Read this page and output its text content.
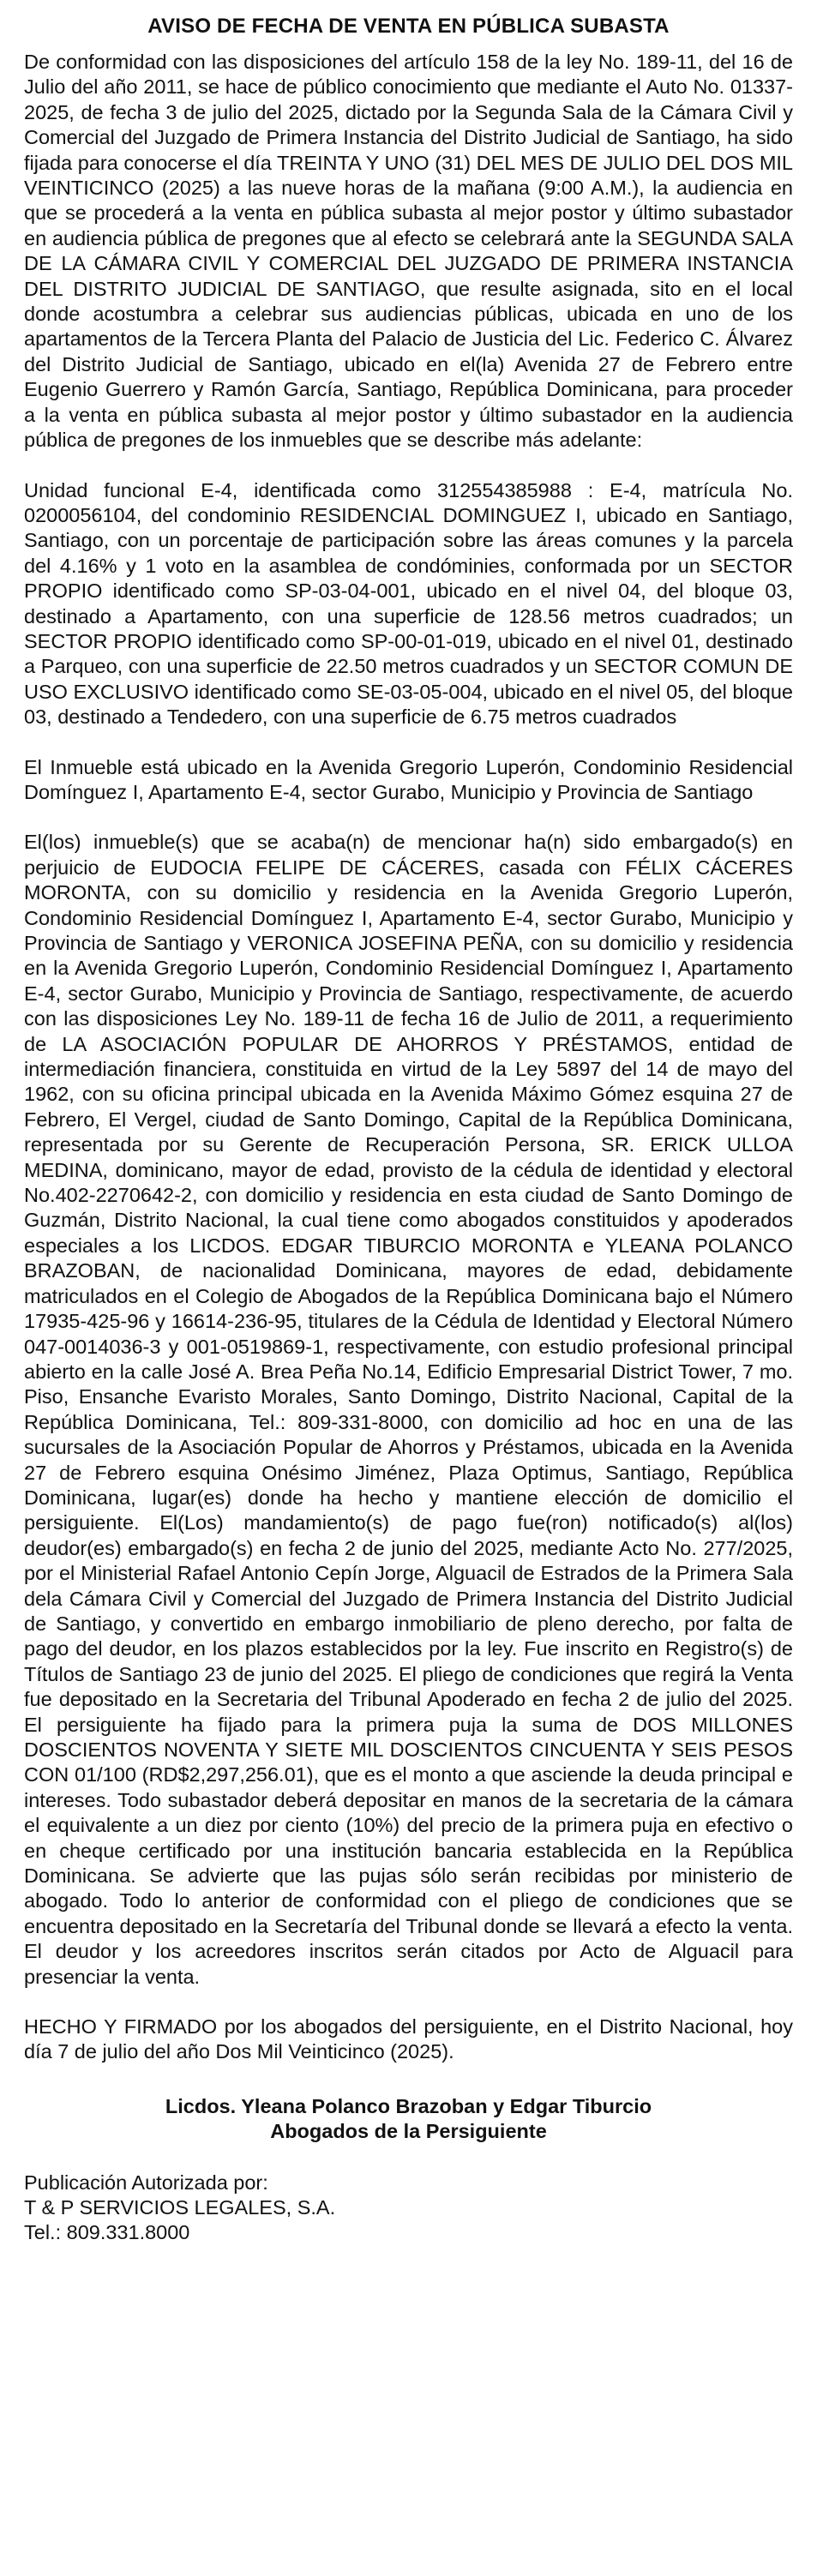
AVISO DE FECHA DE VENTA EN PÚBLICA SUBASTA

De conformidad con las disposiciones del artículo 158 de la ley No. 189-11, del 16 de Julio del año 2011, se hace de público conocimiento que mediante el Auto No. 01337-2025, de fecha 3 de julio del 2025, dictado por la Segunda Sala de la Cámara Civil y Comercial del Juzgado de Primera Instancia del Distrito Judicial de Santiago, ha sido fijada para conocerse el día TREINTA Y UNO (31) DEL MES DE JULIO DEL DOS MIL VEINTICINCO (2025) a las nueve horas de la mañana (9:00 A.M.), la audiencia en que se procederá a la venta en pública subasta al mejor postor y último subastador en audiencia pública de pregones que al efecto se celebrará ante la SEGUNDA SALA DE LA CÁMARA CIVIL Y COMERCIAL DEL JUZGADO DE PRIMERA INSTANCIA DEL DISTRITO JUDICIAL DE SANTIAGO, que resulte asignada, sito en el local donde acostumbra a celebrar sus audiencias públicas, ubicada en uno de los apartamentos de la Tercera Planta del Palacio de Justicia del Lic. Federico C. Álvarez del Distrito Judicial de Santiago, ubicado en el(la) Avenida 27 de Febrero entre Eugenio Guerrero y Ramón García, Santiago, República Dominicana, para proceder a la venta en pública subasta al mejor postor y último subastador en la audiencia pública de pregones de los inmuebles que se describe más adelante:

Unidad funcional E-4, identificada como 312554385988 : E-4, matrícula No. 0200056104, del condominio RESIDENCIAL DOMINGUEZ I, ubicado en Santiago, Santiago, con un porcentaje de participación sobre las áreas comunes y la parcela del 4.16% y 1 voto en la asamblea de condóminies, conformada por un SECTOR PROPIO identificado como SP-03-04-001, ubicado en el nivel 04, del bloque 03, destinado a Apartamento, con una superficie de 128.56 metros cuadrados; un SECTOR PROPIO identificado como SP-00-01-019, ubicado en el nivel 01, destinado a Parqueo, con una superficie de 22.50 metros cuadrados y un SECTOR COMUN DE USO EXCLUSIVO identificado como SE-03-05-004, ubicado en el nivel 05, del bloque 03, destinado a Tendedero, con una superficie de 6.75 metros cuadrados

El Inmueble está ubicado en la Avenida Gregorio Luperón, Condominio Residencial Domínguez I, Apartamento E-4, sector Gurabo, Municipio y Provincia de Santiago

El(los) inmueble(s) que se acaba(n) de mencionar ha(n) sido embargado(s) en perjuicio de EUDOCIA FELIPE DE CÁCERES, casada con FÉLIX CÁCERES MORONTA, con su domicilio y residencia en la Avenida Gregorio Luperón, Condominio Residencial Domínguez I, Apartamento E-4, sector Gurabo, Municipio y Provincia de Santiago y VERONICA JOSEFINA PEÑA, con su domicilio y residencia en la Avenida Gregorio Luperón, Condominio Residencial Domínguez I, Apartamento E-4, sector Gurabo, Municipio y Provincia de Santiago, respectivamente, de acuerdo con las disposiciones Ley No. 189-11 de fecha 16 de Julio de 2011, a requerimiento de LA ASOCIACIÓN POPULAR DE AHORROS Y PRÉSTAMOS, entidad de intermediación financiera, constituida en virtud de la Ley 5897 del 14 de mayo del 1962, con su oficina principal ubicada en la Avenida Máximo Gómez esquina 27 de Febrero, El Vergel, ciudad de Santo Domingo, Capital de la República Dominicana, representada por su Gerente de Recuperación Persona, SR. ERICK ULLOA MEDINA, dominicano, mayor de edad, provisto de la cédula de identidad y electoral No.402-2270642-2, con domicilio y residencia en esta ciudad de Santo Domingo de Guzmán, Distrito Nacional, la cual tiene como abogados constituidos y apoderados especiales a los LICDOS. EDGAR TIBURCIO MORONTA e YLEANA POLANCO BRAZOBAN, de nacionalidad Dominicana, mayores de edad, debidamente matriculados en el Colegio de Abogados de la República Dominicana bajo el Número 17935-425-96 y 16614-236-95, titulares de la Cédula de Identidad y Electoral Número 047-0014036-3 y 001-0519869-1, respectivamente, con estudio profesional principal abierto en la calle José A. Brea Peña No.14, Edificio Empresarial District Tower, 7 mo. Piso, Ensanche Evaristo Morales, Santo Domingo, Distrito Nacional, Capital de la República Dominicana, Tel.: 809-331-8000, con domicilio ad hoc en una de las sucursales de la Asociación Popular de Ahorros y Préstamos, ubicada en la Avenida 27 de Febrero esquina Onésimo Jiménez, Plaza Optimus, Santiago, República Dominicana, lugar(es) donde ha hecho y mantiene elección de domicilio el persiguiente. El(Los) mandamiento(s) de pago fue(ron) notificado(s) al(los) deudor(es) embargado(s) en fecha 2 de junio del 2025, mediante Acto No. 277/2025, por el Ministerial Rafael Antonio Cepín Jorge, Alguacil de Estrados de la Primera Sala dela Cámara Civil y Comercial del Juzgado de Primera Instancia del Distrito Judicial de Santiago, y convertido en embargo inmobiliario de pleno derecho, por falta de pago del deudor, en los plazos establecidos por la ley. Fue inscrito en Registro(s) de Títulos de Santiago 23 de junio del 2025. El pliego de condiciones que regirá la Venta fue depositado en la Secretaria del Tribunal Apoderado en fecha 2 de julio del 2025. El persiguiente ha fijado para la primera puja la suma de DOS MILLONES DOSCIENTOS NOVENTA Y SIETE MIL DOSCIENTOS CINCUENTA Y SEIS PESOS CON 01/100 (RD$2,297,256.01), que es el monto a que asciende la deuda principal e intereses. Todo subastador deberá depositar en manos de la secretaria de la cámara el equivalente a un diez por ciento (10%) del precio de la primera puja en efectivo o en cheque certificado por una institución bancaria establecida en la República Dominicana. Se advierte que las pujas sólo serán recibidas por ministerio de abogado. Todo lo anterior de conformidad con el pliego de condiciones que se encuentra depositado en la Secretaría del Tribunal donde se llevará a efecto la venta. El deudor y los acreedores inscritos serán citados por Acto de Alguacil para presenciar la venta.

HECHO Y FIRMADO por los abogados del persiguiente, en el Distrito Nacional, hoy día 7 de julio del año Dos Mil Veinticinco (2025).

Licdos. Yleana Polanco Brazoban y Edgar Tiburcio
Abogados de la Persiguiente
Publicación Autorizada por:
T & P SERVICIOS LEGALES, S.A.
Tel.: 809.331.8000
